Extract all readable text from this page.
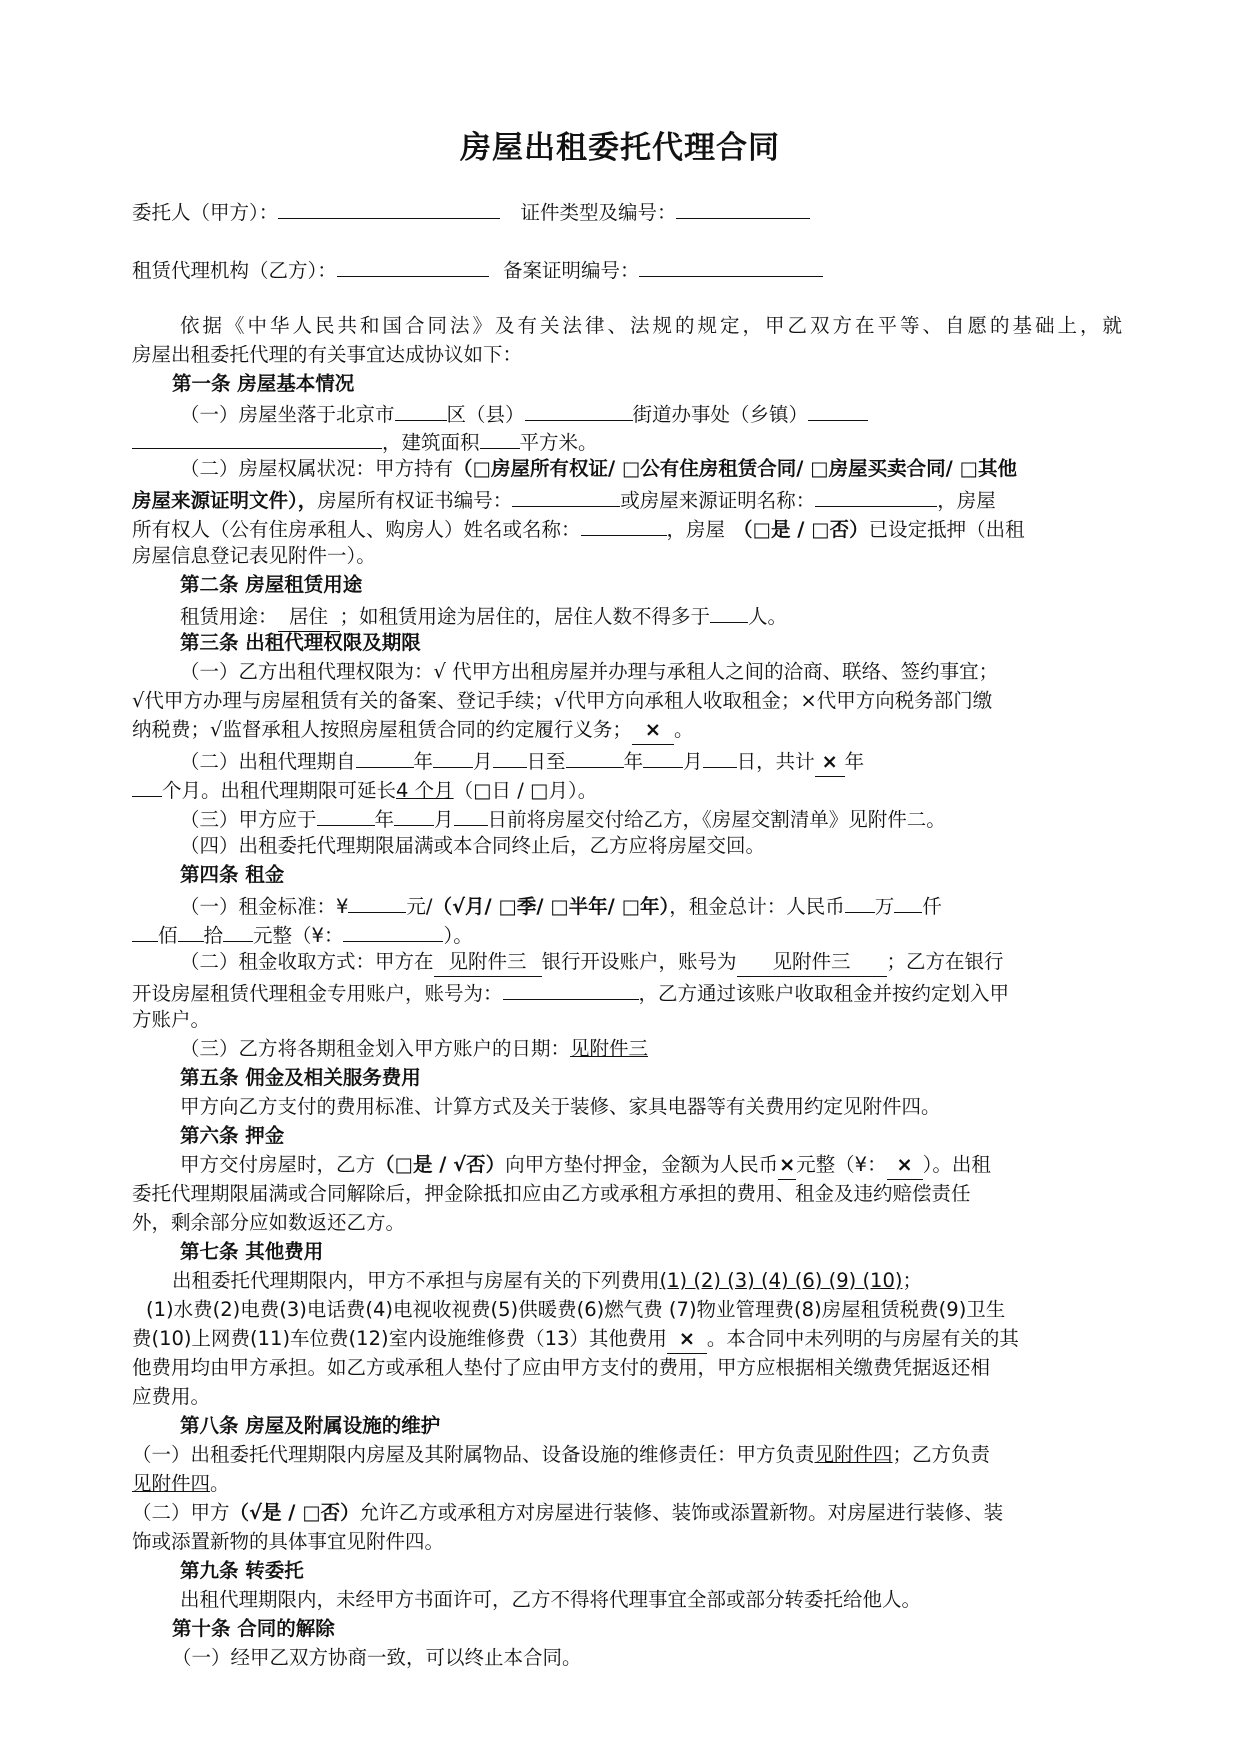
房屋出租委托代理合同
委托人（甲方）：	证件类型及编号：
租赁代理机构（乙方）：	备案证明编号：
依据《中华人民共和国合同法》及有关法律、法规的规定，甲乙双方在平等、自愿的基础上，就
房屋出租委托代理的有关事宜达成协议如下：
第一条 房屋基本情况
（一）房屋坐落于北京市	区（县）	街道办事处（乡镇）
，建筑面积 平方米。
（二）房屋权属状况：甲方持有（□房屋所有权证/ □公有住房租赁合同/ □房屋买卖合同/ □其他
房屋来源证明文件），房屋所有权证书编号：	或房屋来源证明名称：	，房屋
所有权人（公有住房承租人、购房人）姓名或名称：	，房屋 （□是 / □否）已设定抵押（出租
房屋信息登记表见附件一）。
第二条 房屋租赁用途
租赁用途： 居住 ；如租赁用途为居住的，居住人数不得多于 人。
第三条 出租代理权限及期限
（一）乙方出租代理权限为：√ 代甲方出租房屋并办理与承租人之间的洽商、联络、签约事宜；
√代甲方办理与房屋租赁有关的备案、登记手续；√代甲方向承租人收取租金；×代甲方向税务部门缴
纳税费；√监督承租人按照房屋租赁合同的约定履行义务； × 。
（二）出租代理期自	年 月 日至	年 月 日，共计 × 年
个月。出租代理期限可延长4 个月（□日 / □月）。
（三）甲方应于	年 月 日前将房屋交付给乙方，《房屋交割清单》见附件二。
（四）出租委托代理期限届满或本合同终止后，乙方应将房屋交回。
第四条 租金
（一）租金标准：¥	元/（√月/ □季/ □半年/ □年），租金总计：人民币 万 仟
佰 拾 元整（¥：	）。
（二）租金收取方式：甲方在 见附件三 银行开设账户，账号为 见附件三 ；乙方在银行
开设房屋租赁代理租金专用账户，账号为：	，乙方通过该账户收取租金并按约定划入甲
方账户。
（三）乙方将各期租金划入甲方账户的日期：见附件三
第五条 佣金及相关服务费用
甲方向乙方支付的费用标准、计算方式及关于装修、家具电器等有关费用约定见附件四。
第六条 押金
甲方交付房屋时，乙方（□是 / √否）向甲方垫付押金，金额为人民币×元整（¥： × ）。出租
委托代理期限届满或合同解除后，押金除抵扣应由乙方或承租方承担的费用、租金及违约赔偿责任
外，剩余部分应如数返还乙方。
第七条 其他费用
出租委托代理期限内，甲方不承担与房屋有关的下列费用(1) (2) (3) (4) (6) (9) (10)；
(1)水费(2)电费(3)电话费(4)电视收视费(5)供暖费(6)燃气费 (7)物业管理费(8)房屋租赁税费(9)卫生
费(10)上网费(11)车位费(12)室内设施维修费（13）其他费用 × 。本合同中未列明的与房屋有关的其
他费用均由甲方承担。如乙方或承租人垫付了应由甲方支付的费用，甲方应根据相关缴费凭据返还相
应费用。
第八条 房屋及附属设施的维护
（一）出租委托代理期限内房屋及其附属物品、设备设施的维修责任：甲方负责见附件四；乙方负责
见附件四。
（二）甲方（√是 / □否）允许乙方或承租方对房屋进行装修、装饰或添置新物。对房屋进行装修、装
饰或添置新物的具体事宜见附件四。
第九条 转委托
出租代理期限内，未经甲方书面许可，乙方不得将代理事宜全部或部分转委托给他人。
第十条 合同的解除
（一）经甲乙双方协商一致，可以终止本合同。
